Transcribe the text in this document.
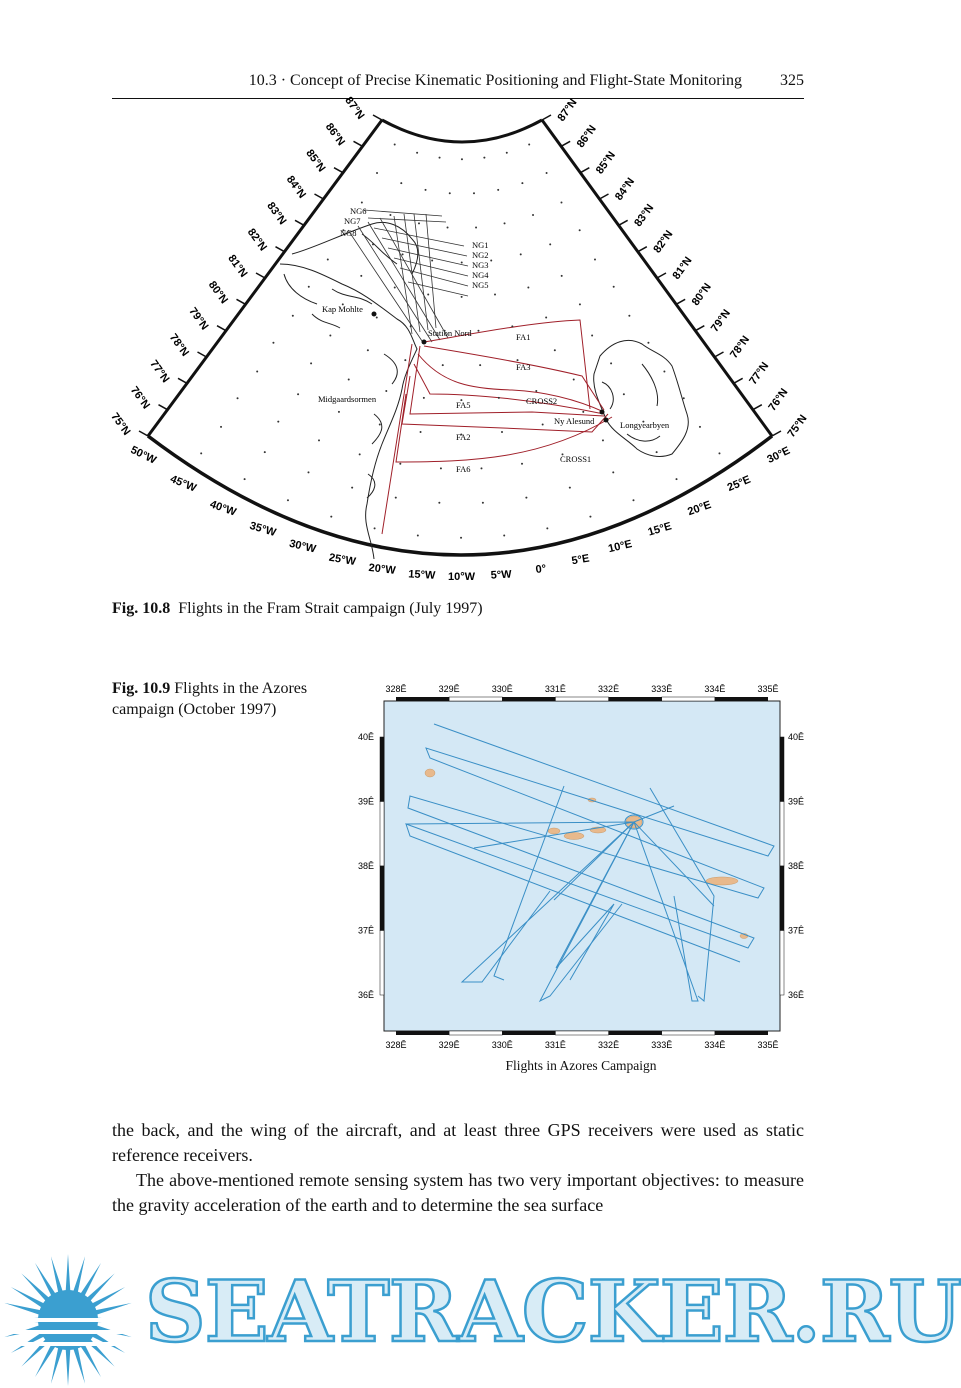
10.3 · Concept of Precise Kinematic Positioning and Flight-State Monitoring 325
87°N
86°N
85°N
84°N
83°N
82°N
81°N
80°N
79°N
78°N
77°N
76°N
75°N
87°N
86°N
85°N
84°N
83°N
82°N
81°N
80°N
79°N
78°N
77°N
76°N
75°N
50°W
45°W
40°W
35°W
30°W
25°W
20°W 15°W 10°W 5°W 0°
5°E
10°E
15°E
20°E
25°E
30°E
Kap Mohlte
Station Nord
Midgaardsormen
Ny Alesund	Longyearbyen
NG6
NG7
NG8
NG1
NG2
NG3
NG4
NG5
FA1
FA3
FA5	CROSS2
FA2
FA6
CROSS1
Fig. 10.8 Flights in the Fram Strait campaign (July 1997)
Fig. 10.9 Flights in the Azores campaign (October 1997)
328Ê	329Ê	330Ê	331Ê	332Ê	333Ê	334Ê	335Ê
328Ê	329Ê	330Ê	331Ê	332Ê	333Ê	334Ê	335Ê
40Ê
39Ê
38Ê
37Ê
36Ê
40Ê
39Ê
38Ê
37Ê
36Ê
Flights in Azores Campaign

the back, and the wing of the aircraft, and at least three GPS receivers were used as static reference receivers.

The above-mentioned remote sensing system has two very important objectives: to measure the gravity acceleration of the earth and to determine the sea surface

SEATRACKER.RU
